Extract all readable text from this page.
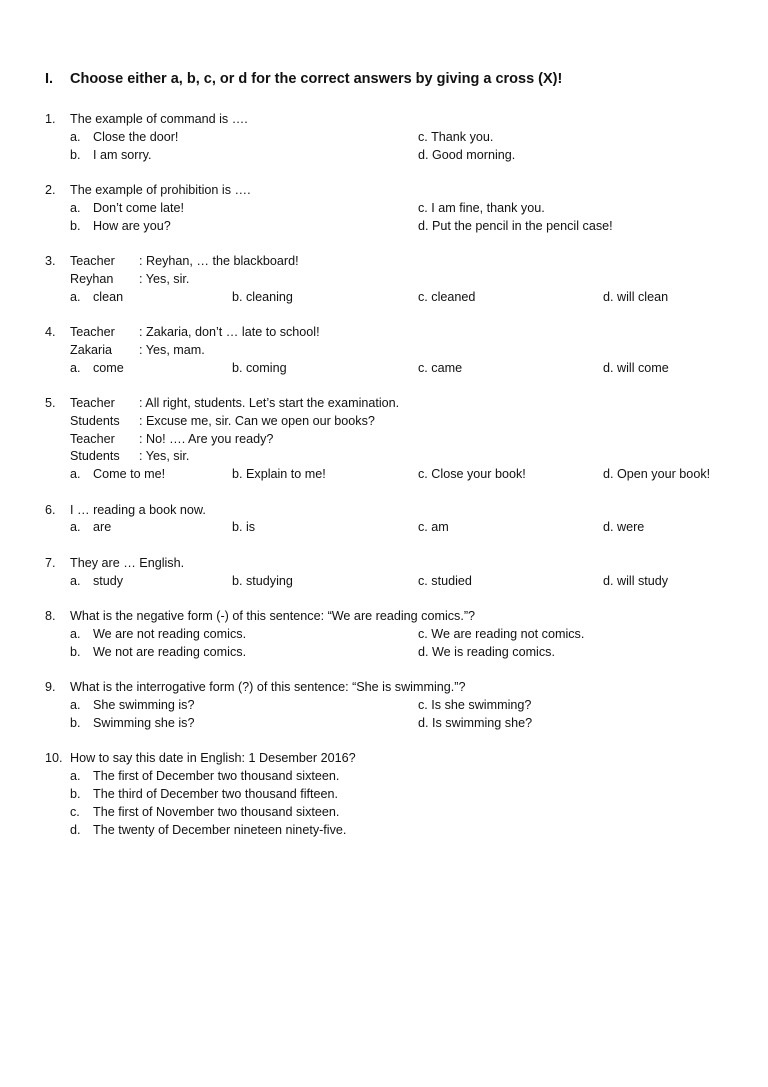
I. Choose either a, b, c, or d for the correct answers by giving a cross (X)!
1.	The example of command is ….
a. Close the door!	c. Thank you.
b. I am sorry.	d. Good morning.
2.	The example of prohibition is ….
a. Don’t come late!	c. I am fine, thank you.
b. How are you?	d. Put the pencil in the pencil case!
3.	Teacher : Reyhan, … the blackboard!
Reyhan : Yes, sir.
a. clean	b. cleaning	c. cleaned	d. will clean
4.	Teacher : Zakaria, don’t … late to school!
Zakaria : Yes, mam.
a. come	b. coming	c. came	d. will come
5.	Teacher : All right, students. Let’s start the examination.
Students : Excuse me, sir. Can we open our books?
Teacher : No! …. Are you ready?
Students : Yes, sir.
a. Come to me!	b. Explain to me!	c. Close your book!	d. Open your book!
6.	I … reading a book now.
a. are	b. is	c. am	d. were
7.	They are … English.
a. study	b. studying	c. studied	d. will study
8.	What is the negative form (-) of this sentence: “We are reading comics.”?
a. We are not reading comics.	c. We are reading not comics.
b. We not are reading comics.	d. We is reading comics.
9.	What is the interrogative form (?) of this sentence: “She is swimming.”?
a. She swimming is?	c. Is she swimming?
b. Swimming she is?	d. Is swimming she?
10. How to say this date in English: 1 Desember 2016?
a. The first of December two thousand sixteen.
b. The third of December two thousand fifteen.
c. The first of November two thousand sixteen.
d. The twenty of December nineteen ninety-five.
